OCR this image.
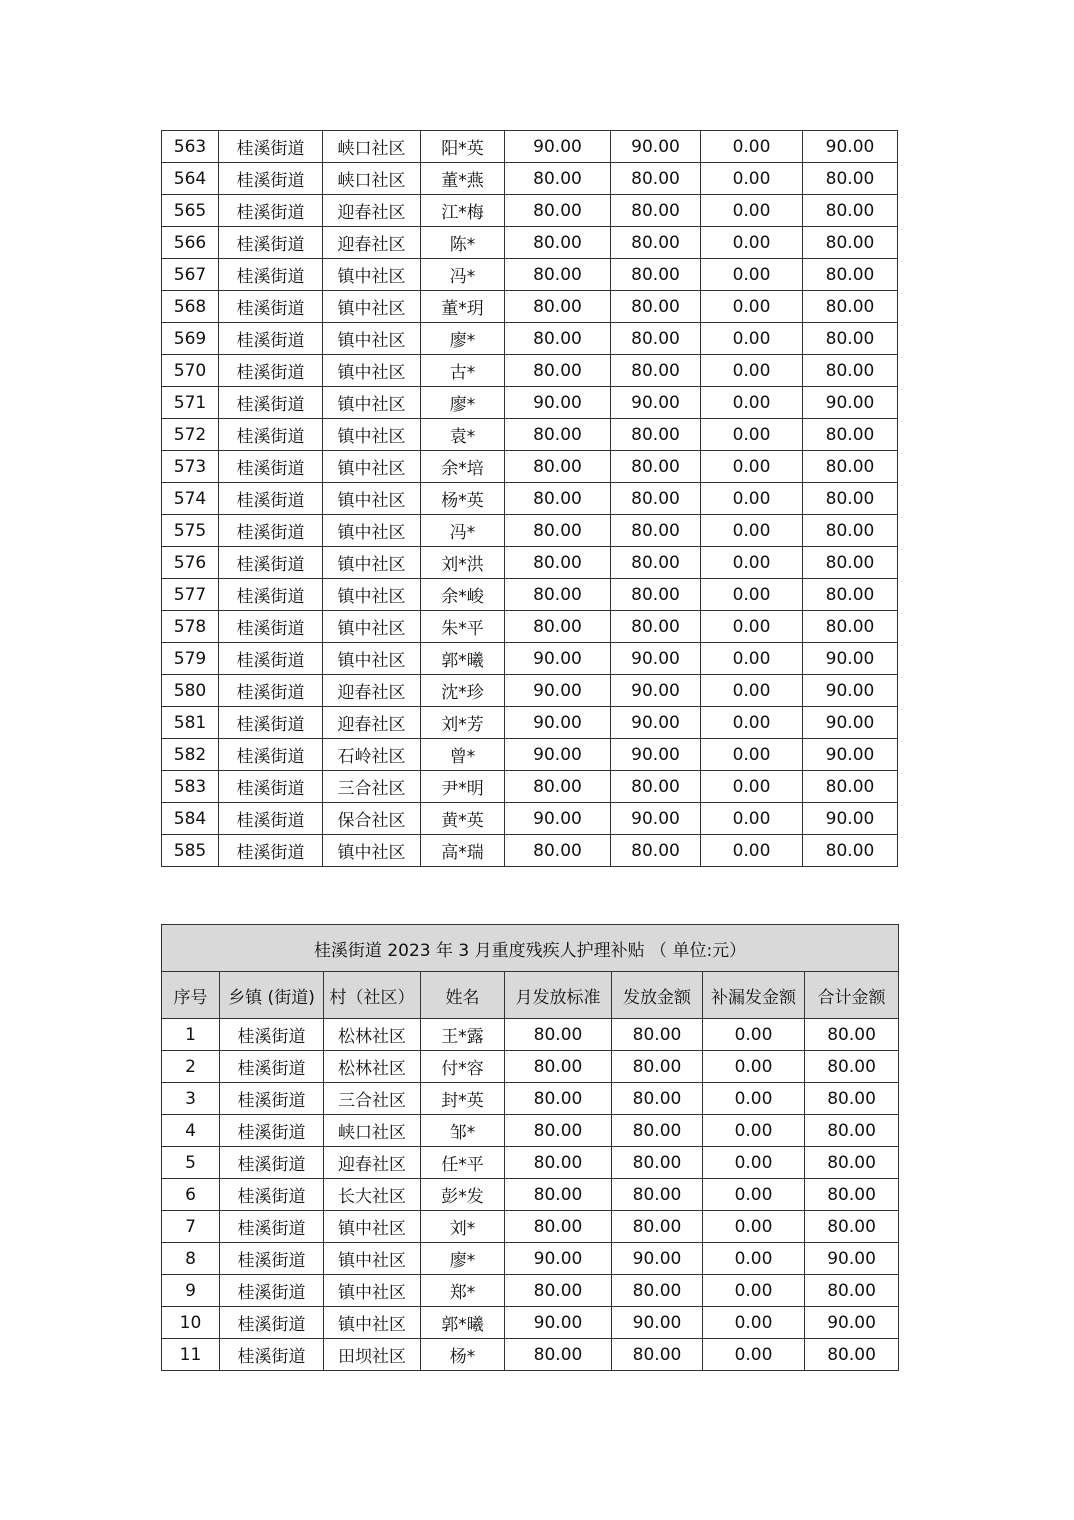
563	桂溪街道	峡口社区	阳*英	90.00	90.00	0.00	90.00
564	桂溪街道	峡口社区	董*燕	80.00	80.00	0.00	80.00
565	桂溪街道	迎春社区	江*梅	80.00	80.00	0.00	80.00
566	桂溪街道	迎春社区	陈*	80.00	80.00	0.00	80.00
567	桂溪街道	镇中社区	冯*	80.00	80.00	0.00	80.00
568	桂溪街道	镇中社区	董*玥	80.00	80.00	0.00	80.00
569	桂溪街道	镇中社区	廖*	80.00	80.00	0.00	80.00
570	桂溪街道	镇中社区	古*	80.00	80.00	0.00	80.00
571	桂溪街道	镇中社区	廖*	90.00	90.00	0.00	90.00
572	桂溪街道	镇中社区	袁*	80.00	80.00	0.00	80.00
573	桂溪街道	镇中社区	余*培	80.00	80.00	0.00	80.00
574	桂溪街道	镇中社区	杨*英	80.00	80.00	0.00	80.00
575	桂溪街道	镇中社区	冯*	80.00	80.00	0.00	80.00
576	桂溪街道	镇中社区	刘*洪	80.00	80.00	0.00	80.00
577	桂溪街道	镇中社区	余*峻	80.00	80.00	0.00	80.00
578	桂溪街道	镇中社区	朱*平	80.00	80.00	0.00	80.00
579	桂溪街道	镇中社区	郭*曦	90.00	90.00	0.00	90.00
580	桂溪街道	迎春社区	沈*珍	90.00	90.00	0.00	90.00
581	桂溪街道	迎春社区	刘*芳	90.00	90.00	0.00	90.00
582	桂溪街道	石岭社区	曾*	90.00	90.00	0.00	90.00
583	桂溪街道	三合社区	尹*明	80.00	80.00	0.00	80.00
584	桂溪街道	保合社区	黄*英	90.00	90.00	0.00	90.00
585	桂溪街道	镇中社区	高*瑞	80.00	80.00	0.00	80.00
桂溪街道 2023 年 3 月重度残疾人护理补贴 （ 单位:元）							
序号	乡镇 (街道)	村（社区）	姓名	月发放标准	发放金额	补漏发金额	合计金额
1	桂溪街道	松林社区	王*露	80.00	80.00	0.00	80.00
2	桂溪街道	松林社区	付*容	80.00	80.00	0.00	80.00
3	桂溪街道	三合社区	封*英	80.00	80.00	0.00	80.00
4	桂溪街道	峡口社区	邹*	80.00	80.00	0.00	80.00
5	桂溪街道	迎春社区	任*平	80.00	80.00	0.00	80.00
6	桂溪街道	长大社区	彭*发	80.00	80.00	0.00	80.00
7	桂溪街道	镇中社区	刘*	80.00	80.00	0.00	80.00
8	桂溪街道	镇中社区	廖*	90.00	90.00	0.00	90.00
9	桂溪街道	镇中社区	郑*	80.00	80.00	0.00	80.00
10	桂溪街道	镇中社区	郭*曦	90.00	90.00	0.00	90.00
11	桂溪街道	田坝社区	杨*	80.00	80.00	0.00	80.00
